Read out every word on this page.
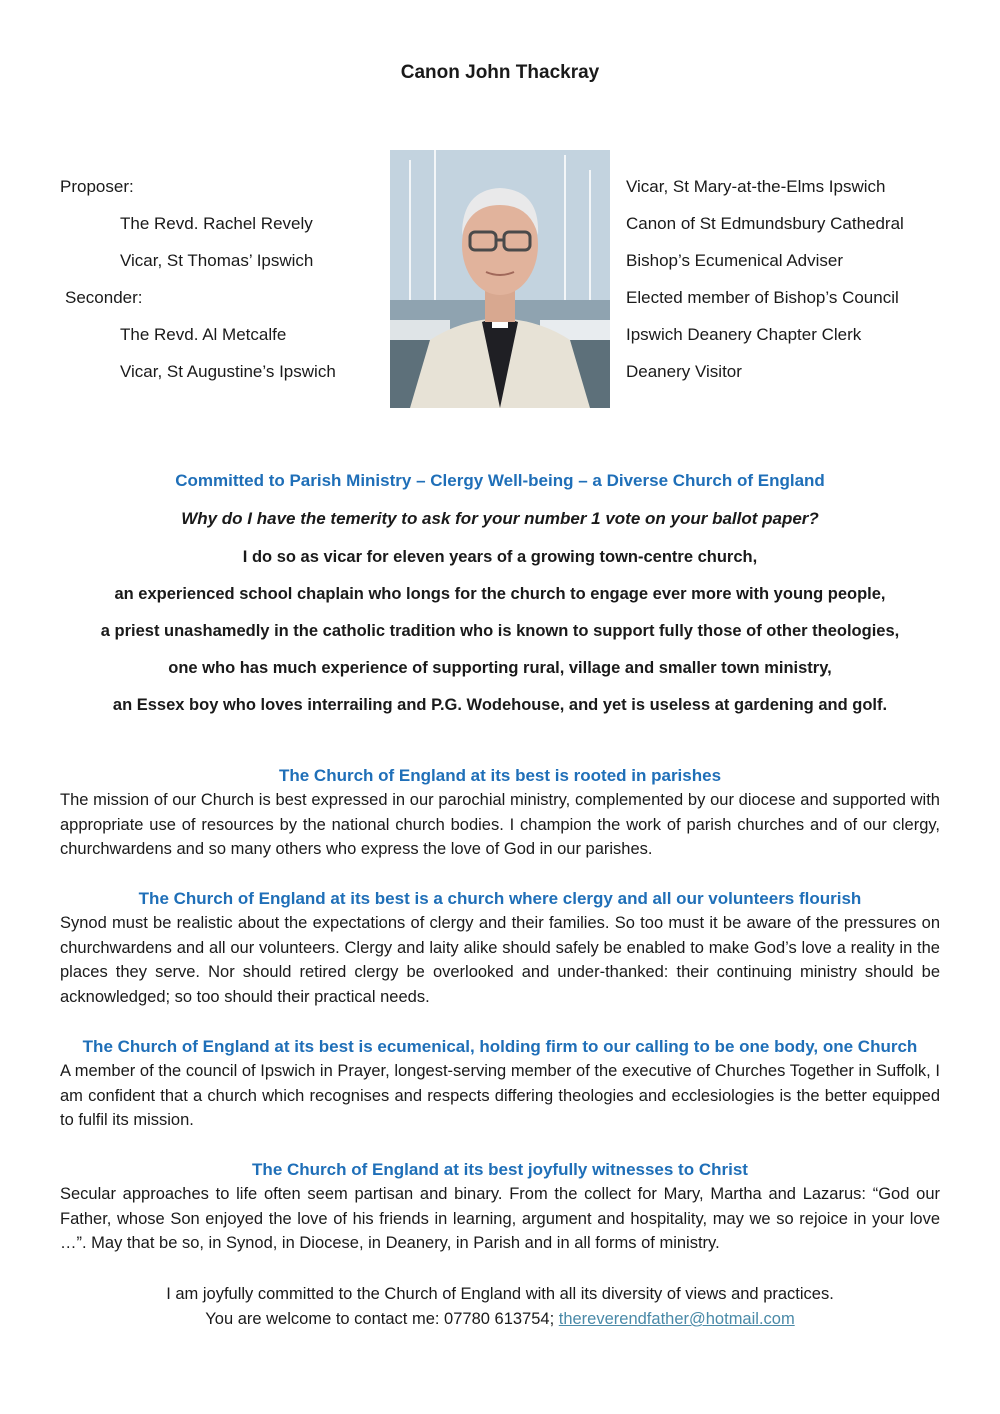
Canon John Thackray
Proposer:
The Revd. Rachel Revely
Vicar, St Thomas’ Ipswich
Seconder:
The Revd. Al Metcalfe
Vicar, St Augustine’s Ipswich
Vicar, St Mary-at-the-Elms Ipswich
Canon of St Edmundsbury Cathedral
Bishop’s Ecumenical Adviser
Elected member of Bishop’s Council
Ipswich Deanery Chapter Clerk
Deanery Visitor
Committed to Parish Ministry – Clergy Well-being – a Diverse Church of England
Why do I have the temerity to ask for your number 1 vote on your ballot paper?
I do so as vicar for eleven years of a growing town-centre church,
an experienced school chaplain who longs for the church to engage ever more with young people,
a priest unashamedly in the catholic tradition who is known to support fully those of other theologies,
one who has much experience of supporting rural, village and smaller town ministry,
an Essex boy who loves interrailing and P.G. Wodehouse, and yet is useless at gardening and golf.
The Church of England at its best is rooted in parishes

The mission of our Church is best expressed in our parochial ministry, complemented by our diocese and supported with appropriate use of resources by the national church bodies. I champion the work of parish churches and of our clergy, churchwardens and so many others who express the love of God in our parishes.

The Church of England at its best is a church where clergy and all our volunteers flourish

Synod must be realistic about the expectations of clergy and their families. So too must it be aware of the pressures on churchwardens and all our volunteers. Clergy and laity alike should safely be enabled to make God’s love a reality in the places they serve. Nor should retired clergy be overlooked and under-thanked: their continuing ministry should be acknowledged; so too should their practical needs.

The Church of England at its best is ecumenical, holding firm to our calling to be one body, one Church

A member of the council of Ipswich in Prayer, longest-serving member of the executive of Churches Together in Suffolk, I am confident that a church which recognises and respects differing theologies and ecclesiologies is the better equipped to fulfil its mission.

The Church of England at its best joyfully witnesses to Christ

Secular approaches to life often seem partisan and binary. From the collect for Mary, Martha and Lazarus: “God our Father, whose Son enjoyed the love of his friends in learning, argument and hospitality, may we so rejoice in your love …”. May that be so, in Synod, in Diocese, in Deanery, in Parish and in all forms of ministry.

I am joyfully committed to the Church of England with all its diversity of views and practices.
You are welcome to contact me: 07780 613754; thereverendfather@hotmail.com
